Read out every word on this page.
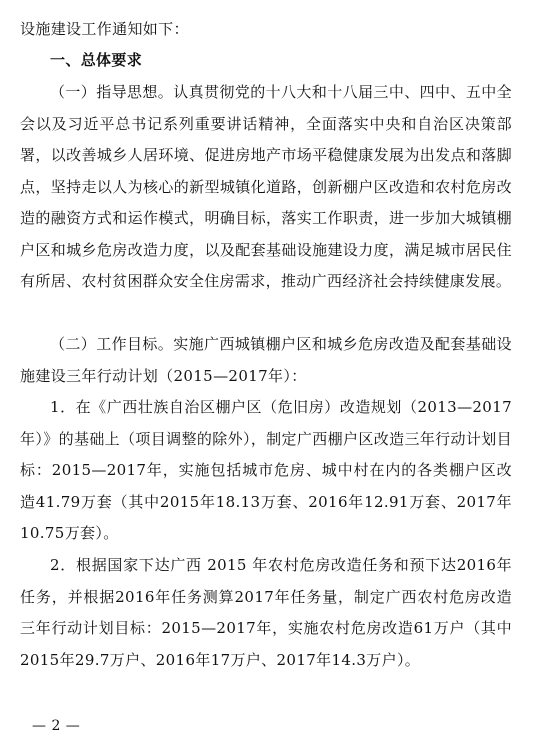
设施建设工作通知如下：
一、总体要求
（一）指导思想。认真贯彻党的十八大和十八届三中、四中、五中全会以及习近平总书记系列重要讲话精神，全面落实中央和自治区决策部署，以改善城乡人居环境、促进房地产市场平稳健康发展为出发点和落脚点，坚持走以人为核心的新型城镇化道路，创新棚户区改造和农村危房改造的融资方式和运作模式，明确目标，落实工作职责，进一步加大城镇棚户区和城乡危房改造力度，以及配套基础设施建设力度，满足城市居民住有所居、农村贫困群众安全住房需求，推动广西经济社会持续健康发展。
（二）工作目标。实施广西城镇棚户区和城乡危房改造及配套基础设施建设三年行动计划（2015—2017年）：
1．在《广西壮族自治区棚户区（危旧房）改造规划（2013—2017年）》的基础上（项目调整的除外），制定广西棚户区改造三年行动计划目标：2015—2017年，实施包括城市危房、城中村在内的各类棚户区改造41.79万套（其中2015年18.13万套、2016年12.91万套、2017年10.75万套）。
2．根据国家下达广西 2015 年农村危房改造任务和预下达2016年任务，并根据2016年任务测算2017年任务量，制定广西农村危房改造三年行动计划目标：2015—2017年，实施农村危房改造61万户（其中2015年29.7万户、2016年17万户、2017年14.3万户）。
— 2 —
